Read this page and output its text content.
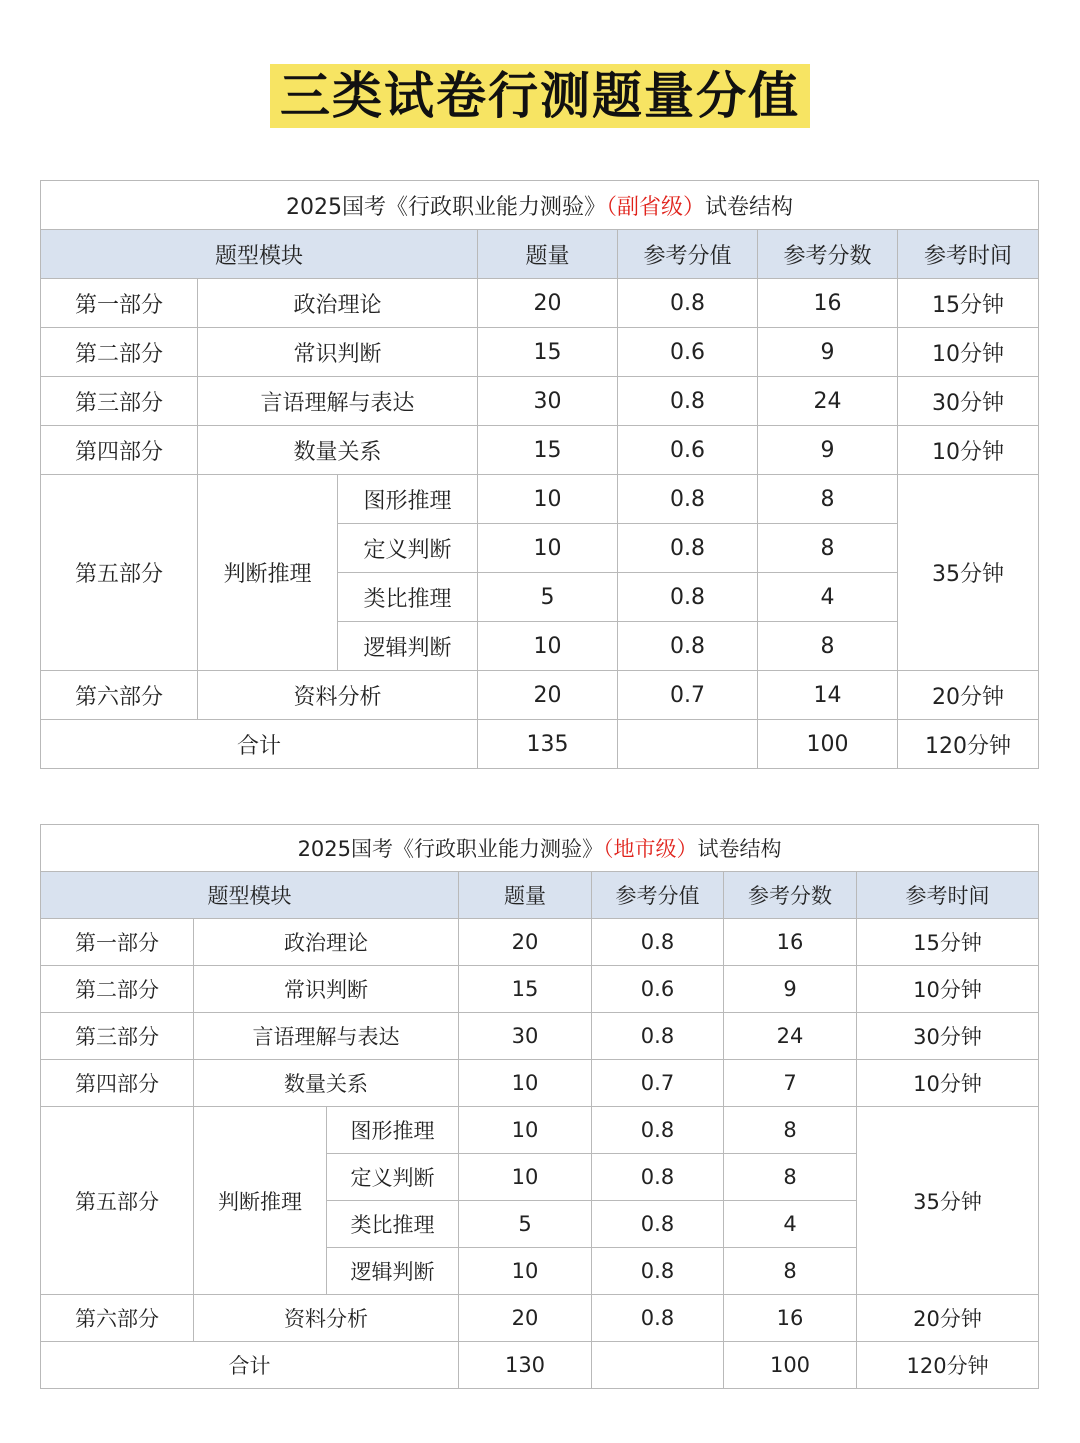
三类试卷行测题量分值
2025国考《行政职业能力测验》（副省级）试卷结构						
题型模块			题量	参考分值	参考分数	参考时间
第一部分	政治理论		20	0.8	16	15分钟
第二部分	常识判断		15	0.6	9	10分钟
第三部分	言语理解与表达		30	0.8	24	30分钟
第四部分	数量关系		15	0.6	9	10分钟
第五部分	判断推理	图形推理	10	0.8	8	35分钟
		定义判断	10	0.8	8	
		类比推理	5	0.8	4	
		逻辑判断	10	0.8	8	
第六部分	资料分析		20	0.7	14	20分钟
合计			135		100	120分钟
2025国考《行政职业能力测验》（地市级）试卷结构						
题型模块			题量	参考分值	参考分数	参考时间
第一部分	政治理论		20	0.8	16	15分钟
第二部分	常识判断		15	0.6	9	10分钟
第三部分	言语理解与表达		30	0.8	24	30分钟
第四部分	数量关系		10	0.7	7	10分钟
第五部分	判断推理	图形推理	10	0.8	8	35分钟
		定义判断	10	0.8	8	
		类比推理	5	0.8	4	
		逻辑判断	10	0.8	8	
第六部分	资料分析		20	0.8	16	20分钟
合计			130		100	120分钟
